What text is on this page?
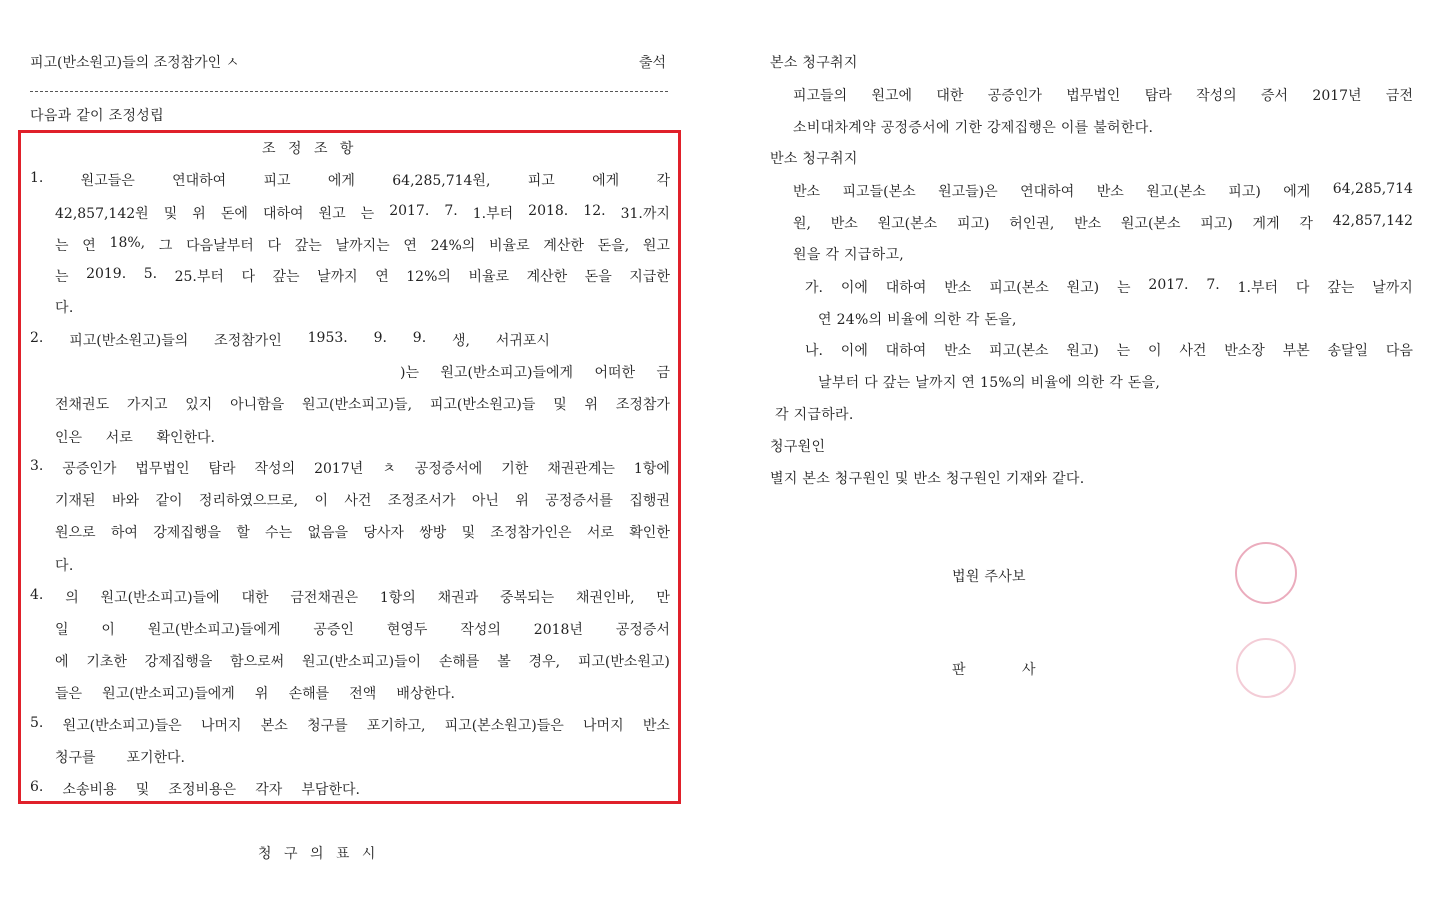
피고(반소원고)들의 조정참가인 ㅅ	출석
다음과 같이 조정성립
조 정 조 항
1.	원고들은	연대하여	피고	에게	64,285,714원,	피고	에게	각
42,857,142원 및 위 돈에 대하여 원고 는 2017. 7. 1.부터 2018. 12. 31.까지
는 연 18%, 그 다음날부터 다 갚는 날까지는 연 24%의 비율로 계산한 돈을, 원고
는 2019. 5. 25.부터 다 갚는 날까지 연 12%의 비율로 계산한 돈을 지급한
다.
2. 피고(반소원고)들의 조정참가인 1953. 9. 9. 생, 서귀포시
)는 원고(반소피고)들에게 어떠한 금
전채권도 가지고 있지 아니함을 원고(반소피고)들, 피고(반소원고)들 및 위 조정참가
인은 서로 확인한다.
3. 공증인가 법무법인 탐라 작성의 2017년 ㅊ 공정증서에 기한 채권관계는 1항에
기재된 바와 같이 정리하였으므로, 이 사건 조정조서가 아닌 위 공정증서를 집행권
원으로 하여 강제집행을 할 수는 없음을 당사자 쌍방 및 조정참가인은 서로 확인한
다.
4. 의 원고(반소피고)들에 대한 금전채권은 1항의 채권과 중복되는 채권인바, 만
일 이 원고(반소피고)들에게 공증인 현영두 작성의 2018년 공정증서
에 기초한 강제집행을 함으로써 원고(반소피고)들이 손해를 볼 경우, 피고(반소원고)
들은 원고(반소피고)들에게 위 손해를 전액 배상한다.
5. 원고(반소피고)들은 나머지 본소 청구를 포기하고, 피고(본소원고)들은 나머지 반소
청구를 포기한다.
6. 소송비용 및 조정비용은 각자 부담한다.
청 구 의 표 시
본소 청구취지
피고들의 원고에 대한 공증인가 법무법인 탐라 작성의 증서 2017년 금전
소비대차계약 공정증서에 기한 강제집행은 이를 불허한다.
반소 청구취지
반소 피고들(본소 원고들)은 연대하여 반소 원고(본소 피고) 에게 64,285,714
원, 반소 원고(본소 피고) 허인권, 반소 원고(본소 피고) 게게 각 42,857,142
원을 각 지급하고,
가. 이에 대하여 반소 피고(본소 원고) 는 2017. 7. 1.부터 다 갚는 날까지
연 24%의 비율에 의한 각 돈을,
나. 이에 대하여 반소 피고(본소 원고) 는 이 사건 반소장 부본 송달일 다음
날부터 다 갚는 날까지 연 15%의 비율에 의한 각 돈을,
각 지급하라.
청구원인
별지 본소 청구원인 및 반소 청구원인 기재와 같다.
법원 주사보
판	사
